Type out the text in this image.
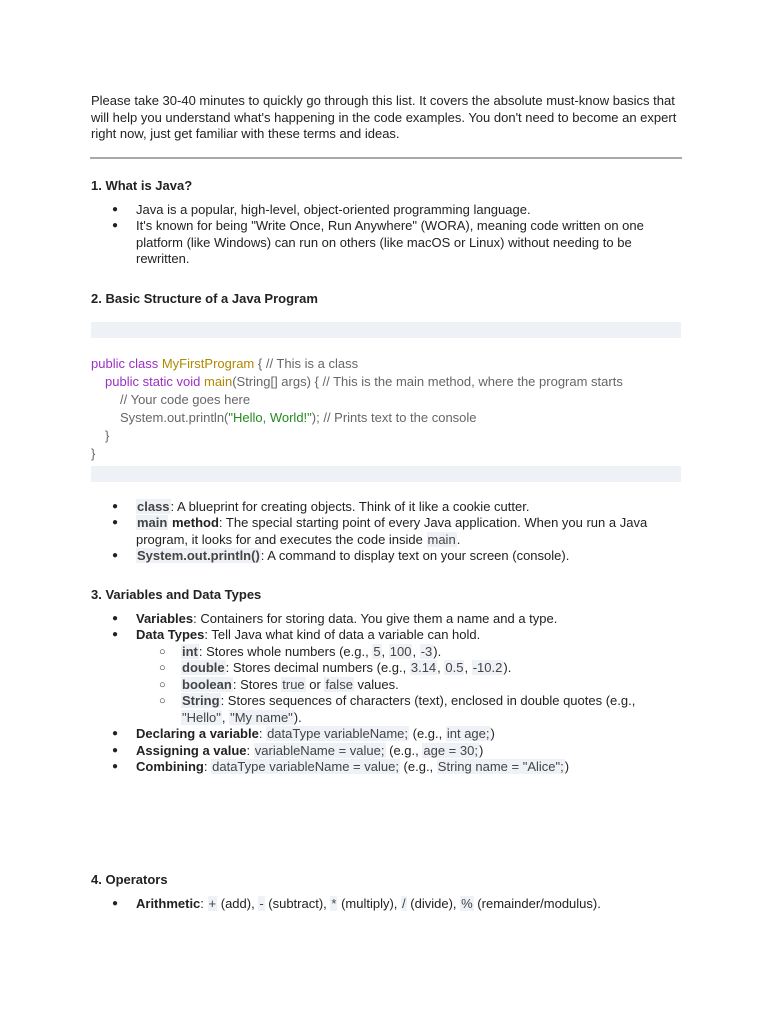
Please take 30-40 minutes to quickly go through this list. It covers the absolute must-know basics that will help you understand what's happening in the code examples. You don't need to become an expert right now, just get familiar with these terms and ideas.

1. What is Java?
● Java is a popular, high-level, object-oriented programming language.
● It's known for being "Write Once, Run Anywhere" (WORA), meaning code written on one platform (like Windows) can run on others (like macOS or Linux) without needing to be rewritten.
2. Basic Structure of a Java Program
public class MyFirstProgram { // This is a class
public static void main(String[] args) { // This is the main method, where the program starts
// Your code goes here
System.out.println("Hello, World!"); // Prints text to the console
}
}
● class: A blueprint for creating objects. Think of it like a cookie cutter.
● main method: The special starting point of every Java application. When you run a Java program, it looks for and executes the code inside main.
● System.out.println(): A command to display text on your screen (console).
3. Variables and Data Types
● Variables: Containers for storing data. You give them a name and a type.
● Data Types: Tell Java what kind of data a variable can hold.
○ int: Stores whole numbers (e.g., 5, 100, -3).
○ double: Stores decimal numbers (e.g., 3.14, 0.5, -10.2).
○ boolean: Stores true or false values.
○ String: Stores sequences of characters (text), enclosed in double quotes (e.g., "Hello", "My name").
● Declaring a variable: dataType variableName; (e.g., int age;)
● Assigning a value: variableName = value; (e.g., age = 30;)
● Combining: dataType variableName = value; (e.g., String name = "Alice";)
4. Operators
● Arithmetic: + (add), - (subtract), * (multiply), / (divide), % (remainder/modulus).
